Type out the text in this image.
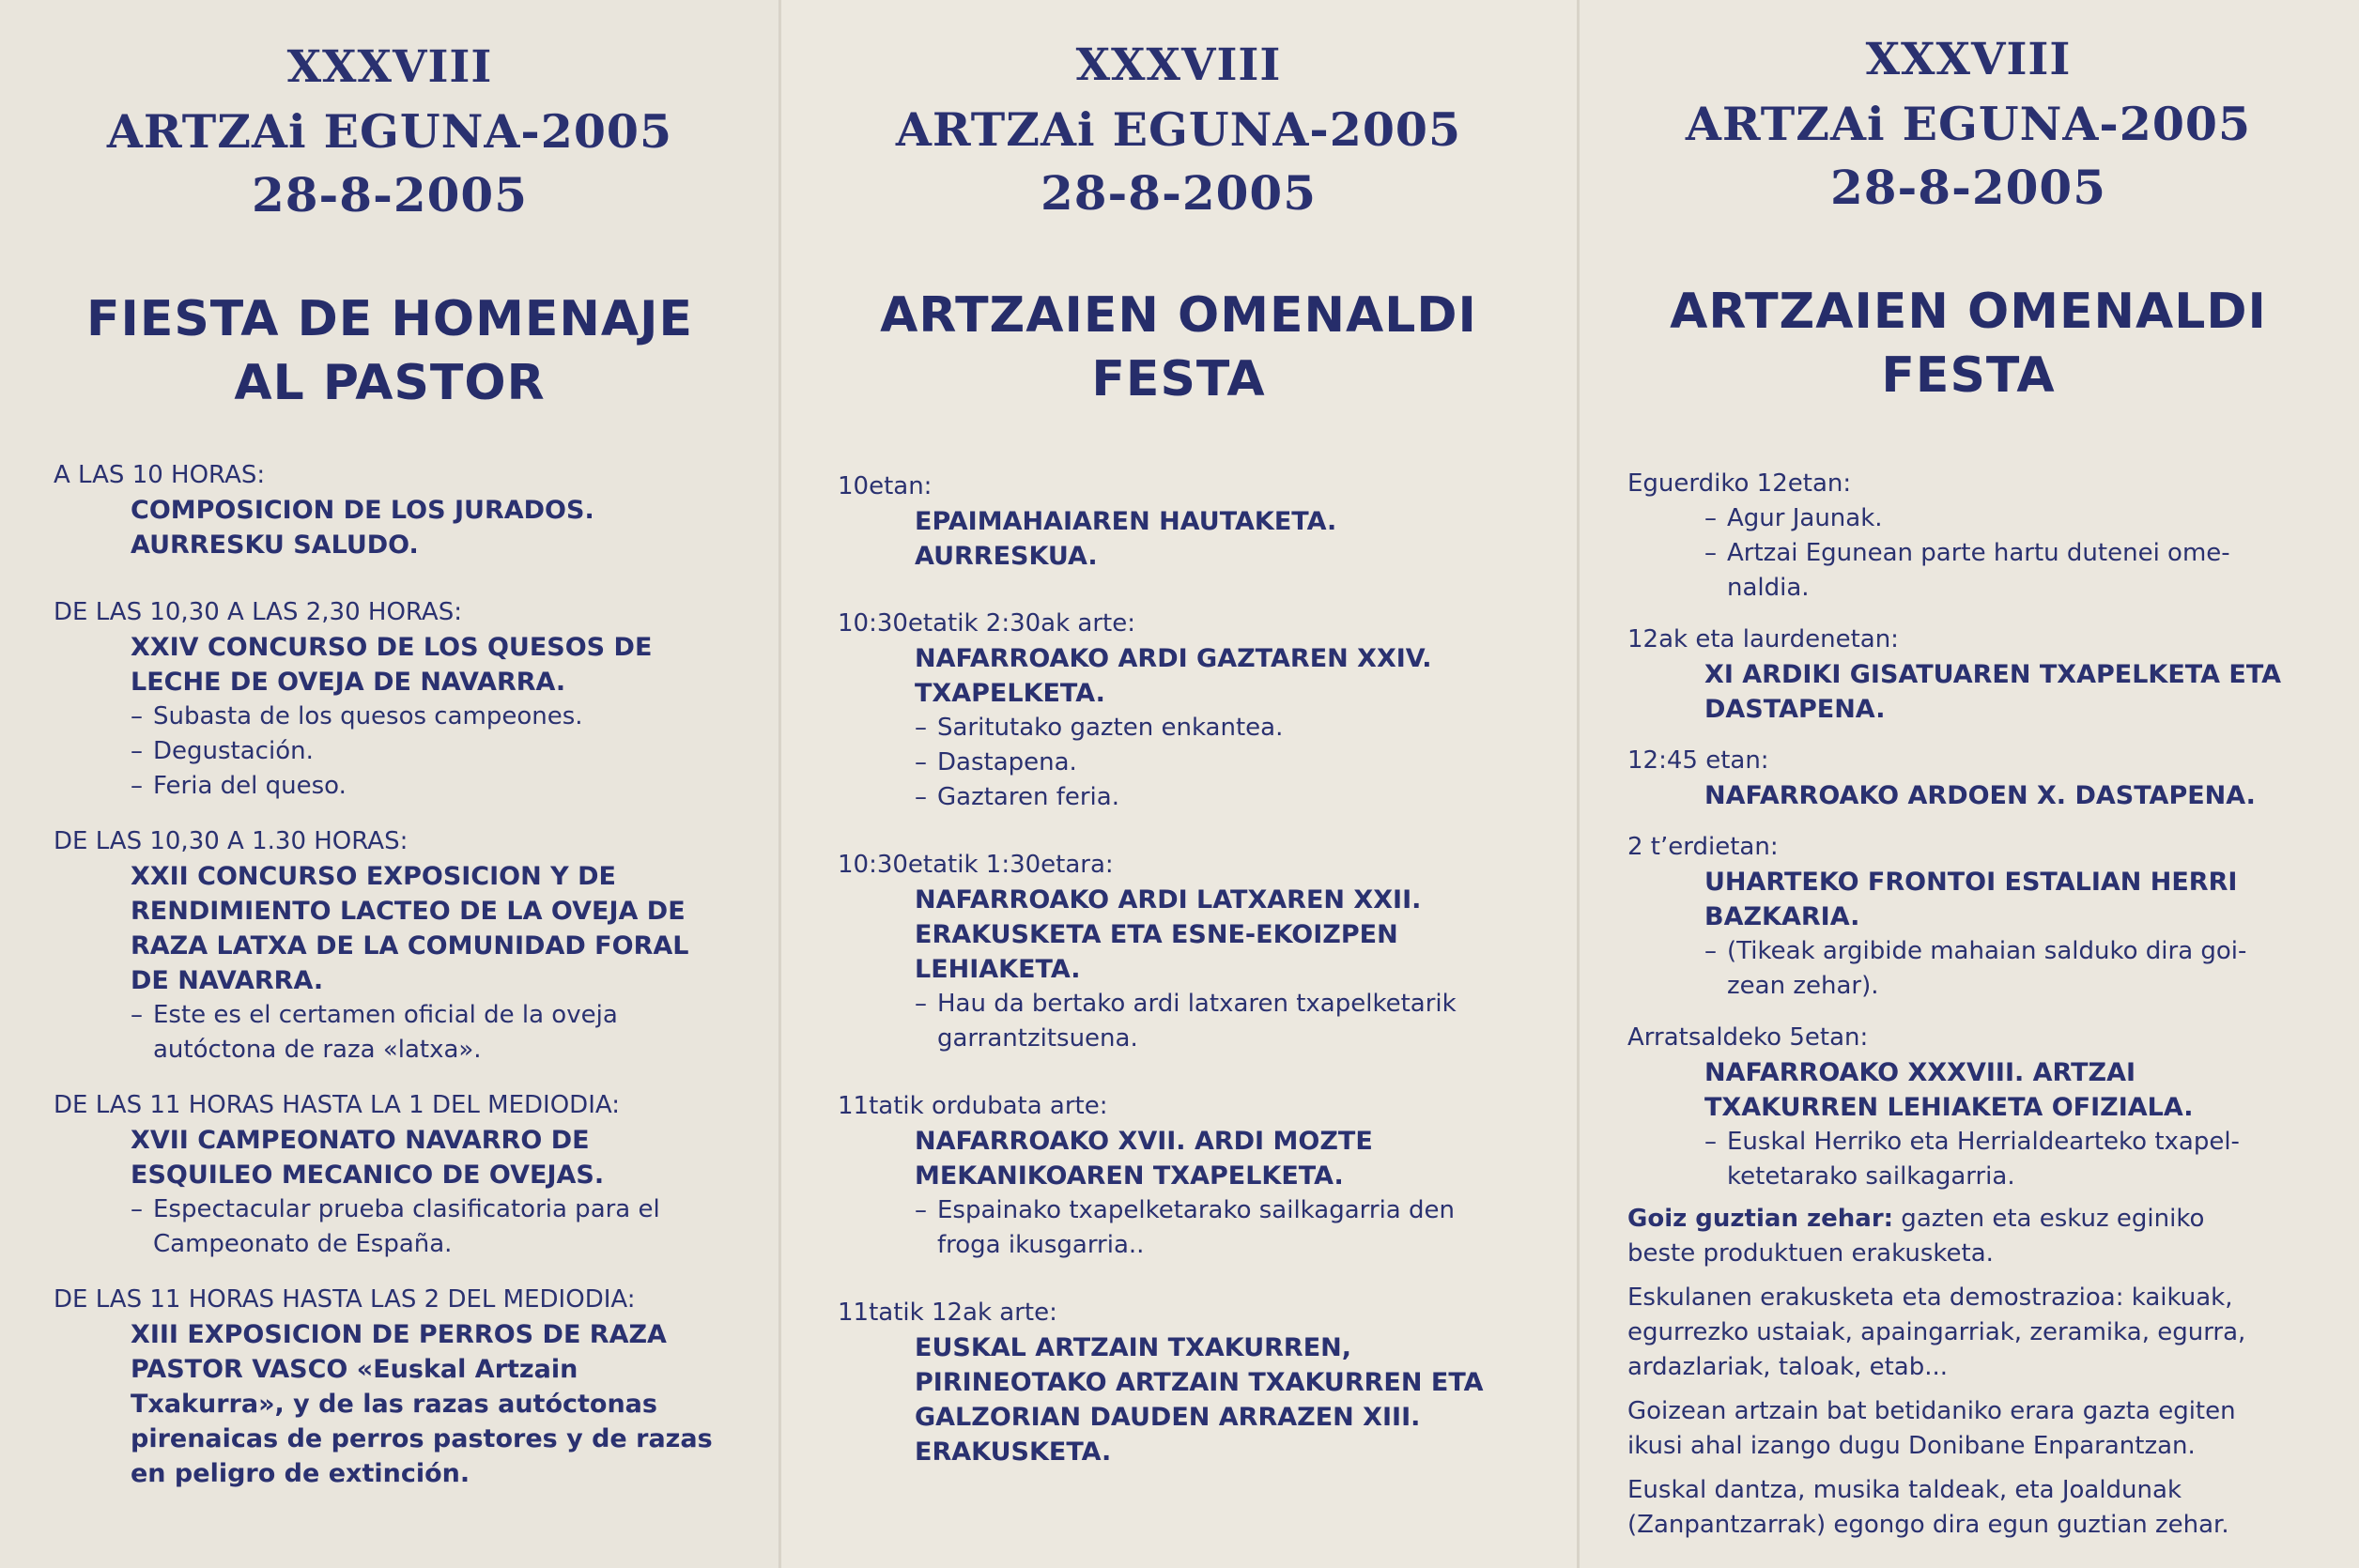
XXXVIII
ARTZAi EGUNA-2005
28-8-2005
FIESTA DE HOMENAJE
AL PASTOR
A LAS 10 HORAS:
COMPOSICION DE LOS JURADOS.
AURRESKU SALUDO.
DE LAS 10,30 A LAS 2,30 HORAS:
XXIV CONCURSO DE LOS QUESOS DE
LECHE DE OVEJA DE NAVARRA.
– Subasta de los quesos campeones.
– Degustación.
– Feria del queso.
DE LAS 10,30 A 1.30 HORAS:
XXII CONCURSO EXPOSICION Y DE
RENDIMIENTO LACTEO DE LA OVEJA DE
RAZA LATXA DE LA COMUNIDAD FORAL
DE NAVARRA.
– Este es el certamen oficial de la oveja
autóctona de raza «latxa».
DE LAS 11 HORAS HASTA LA 1 DEL MEDIODIA:
XVII CAMPEONATO NAVARRO DE
ESQUILEO MECANICO DE OVEJAS.
– Espectacular prueba clasificatoria para el
Campeonato de España.
DE LAS 11 HORAS HASTA LAS 2 DEL MEDIODIA:
XIII EXPOSICION DE PERROS DE RAZA
PASTOR VASCO «Euskal Artzain
Txakurra», y de las razas autóctonas
pirenaicas de perros pastores y de razas
en peligro de extinción.
XXXVIII
ARTZAi EGUNA-2005
28-8-2005
ARTZAIEN OMENALDI
FESTA
10etan:
EPAIMAHAIAREN HAUTAKETA.
AURRESKUA.
10:30etatik 2:30ak arte:
NAFARROAKO ARDI GAZTAREN XXIV.
TXAPELKETA.
– Saritutako gazten enkantea.
– Dastapena.
– Gaztaren feria.
10:30etatik 1:30etara:
NAFARROAKO ARDI LATXAREN XXII.
ERAKUSKETA ETA ESNE-EKOIZPEN
LEHIAKETA.
– Hau da bertako ardi latxaren txapelketarik
garrantzitsuena.
11tatik ordubata arte:
NAFARROAKO XVII. ARDI MOZTE
MEKANIKOAREN TXAPELKETA.
– Espainako txapelketarako sailkagarria den
froga ikusgarria..
11tatik 12ak arte:
EUSKAL ARTZAIN TXAKURREN,
PIRINEOTAKO ARTZAIN TXAKURREN ETA
GALZORIAN DAUDEN ARRAZEN XIII.
ERAKUSKETA.
XXXVIII
ARTZAi EGUNA-2005
28-8-2005
ARTZAIEN OMENALDI
FESTA
Eguerdiko 12etan:
– Agur Jaunak.
– Artzai Egunean parte hartu dutenei ome-
naldia.
12ak eta laurdenetan:
XI ARDIKI GISATUAREN TXAPELKETA ETA
DASTAPENA.
12:45 etan:
NAFARROAKO ARDOEN X. DASTAPENA.
2 t’erdietan:
UHARTEKO FRONTOI ESTALIAN HERRI
BAZKARIA.
– (Tikeak argibide mahaian salduko dira goi-
zean zehar).
Arratsaldeko 5etan:
NAFARROAKO XXXVIII. ARTZAI
TXAKURREN LEHIAKETA OFIZIALA.
– Euskal Herriko eta Herrialdearteko txapel-
ketetarako sailkagarria.
Goiz guztian zehar: gazten eta eskuz eginiko
beste produktuen erakusketa.
Eskulanen erakusketa eta demostrazioa: kaikuak,
egurrezko ustaiak, apaingarriak, zeramika, egurra,
ardazlariak, taloak, etab...
Goizean artzain bat betidaniko erara gazta egiten
ikusi ahal izango dugu Donibane Enparantzan.
Euskal dantza, musika taldeak, eta Joaldunak
(Zanpantzarrak) egongo dira egun guztian zehar.
